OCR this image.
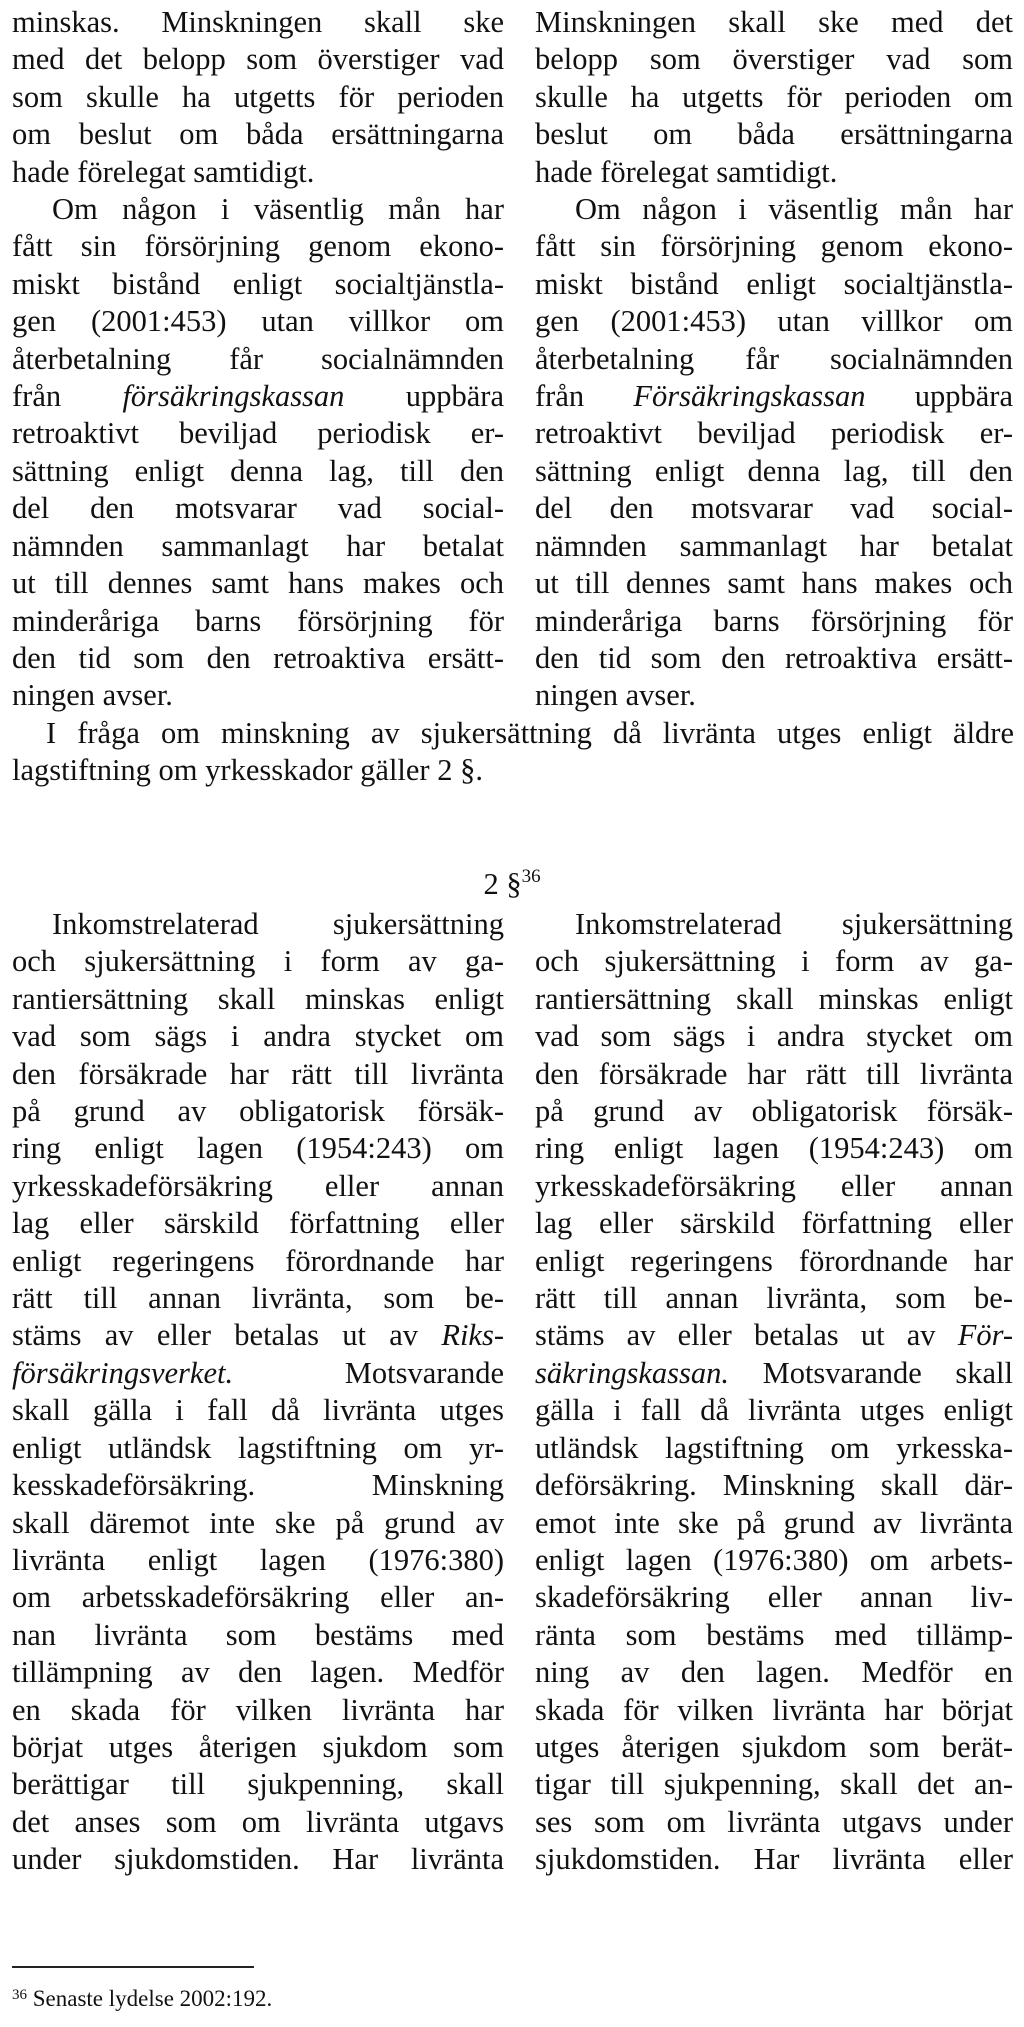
minskas. Minskningen skall ske
med det belopp som överstiger vad
som skulle ha utgetts för perioden
om beslut om båda ersättningarna
hade förelegat samtidigt.
Om någon i väsentlig mån har
fått sin försörjning genom ekono-
miskt bistånd enligt socialtjänstla-
gen (2001:453) utan villkor om
återbetalning får socialnämnden
från försäkringskassan uppbära
retroaktivt beviljad periodisk er-
sättning enligt denna lag, till den
del den motsvarar vad social-
nämnden sammanlagt har betalat
ut till dennes samt hans makes och
minderåriga barns försörjning för
den tid som den retroaktiva ersätt-
ningen avser.
Minskningen skall ske med det
belopp som överstiger vad som
skulle ha utgetts för perioden om
beslut om båda ersättningarna
hade förelegat samtidigt.
Om någon i väsentlig mån har
fått sin försörjning genom ekono-
miskt bistånd enligt socialtjänstla-
gen (2001:453) utan villkor om
återbetalning får socialnämnden
från Försäkringskassan uppbära
retroaktivt beviljad periodisk er-
sättning enligt denna lag, till den
del den motsvarar vad social-
nämnden sammanlagt har betalat
ut till dennes samt hans makes och
minderåriga barns försörjning för
den tid som den retroaktiva ersätt-
ningen avser.
I fråga om minskning av sjukersättning då livränta utges enligt äldre
lagstiftning om yrkesskador gäller 2 §.
2 §$^{36}$
Inkomstrelaterad sjukersättning
och sjukersättning i form av ga-
rantiersättning skall minskas enligt
vad som sägs i andra stycket om
den försäkrade har rätt till livränta
på grund av obligatorisk försäk-
ring enligt lagen (1954:243) om
yrkesskadeförsäkring eller annan
lag eller särskild författning eller
enligt regeringens förordnande har
rätt till annan livränta, som be-
stäms av eller betalas ut av Riks-
försäkringsverket.	Motsvarande
skall gälla i fall då livränta utges
enligt utländsk lagstiftning om yr-
kesskadeförsäkring. Minskning
skall däremot inte ske på grund av
livränta enligt lagen (1976:380)
om arbetsskadeförsäkring eller an-
nan livränta som bestäms med
tillämpning av den lagen. Medför
en skada för vilken livränta har
börjat utges återigen sjukdom som
berättigar till sjukpenning, skall
det anses som om livränta utgavs
under sjukdomstiden. Har livränta
Inkomstrelaterad sjukersättning
och sjukersättning i form av ga-
rantiersättning skall minskas enligt
vad som sägs i andra stycket om
den försäkrade har rätt till livränta
på grund av obligatorisk försäk-
ring enligt lagen (1954:243) om
yrkesskadeförsäkring eller annan
lag eller särskild författning eller
enligt regeringens förordnande har
rätt till annan livränta, som be-
stäms av eller betalas ut av För-
säkringskassan. Motsvarande skall
gälla i fall då livränta utges enligt
utländsk lagstiftning om yrkesska-
deförsäkring. Minskning skall där-
emot inte ske på grund av livränta
enligt lagen (1976:380) om arbets-
skadeförsäkring eller annan liv-
ränta som bestäms med tillämp-
ning av den lagen. Medför en
skada för vilken livränta har börjat
utges återigen sjukdom som berät-
tigar till sjukpenning, skall det an-
ses som om livränta utgavs under
sjukdomstiden. Har livränta eller
$^{36}$ Senaste lydelse 2002:192.
